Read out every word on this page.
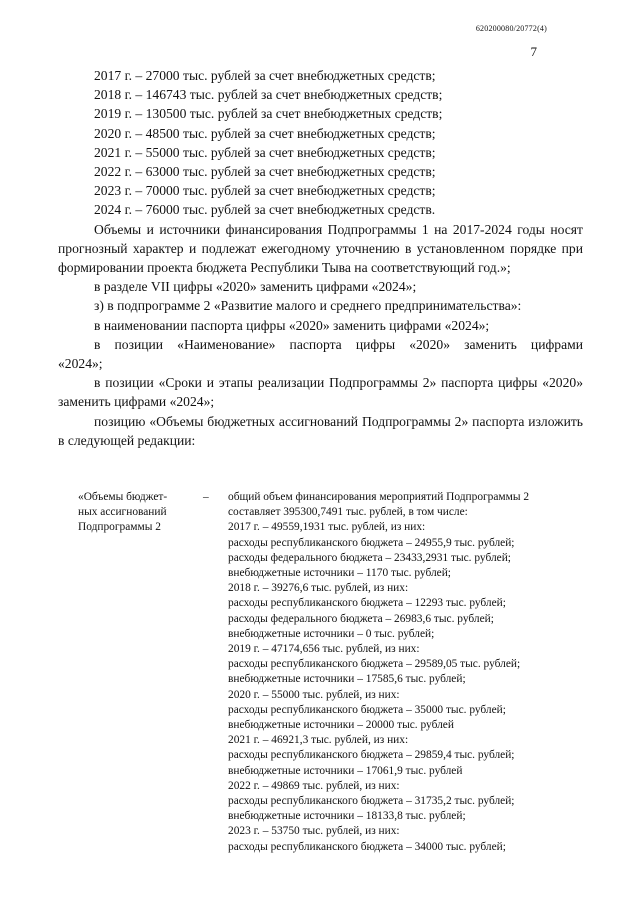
620200080/20772(4)
7

2017 г. – 27000 тыс. рублей за счет внебюджетных средств;

2018 г. – 146743 тыс. рублей за счет внебюджетных средств;

2019 г. – 130500 тыс. рублей за счет внебюджетных средств;

2020 г. – 48500 тыс. рублей за счет внебюджетных средств;

2021 г. – 55000 тыс. рублей за счет внебюджетных средств;

2022 г. – 63000 тыс. рублей за счет внебюджетных средств;

2023 г. – 70000 тыс. рублей за счет внебюджетных средств;

2024 г. – 76000 тыс. рублей за счет внебюджетных средств.

Объемы и источники финансирования Подпрограммы 1 на 2017-2024 годы носят прогнозный характер и подлежат ежегодному уточнению в установленном порядке при формировании проекта бюджета Республики Тыва на соответствующий год.»;

в разделе VII цифры «2020» заменить цифрами «2024»;

з) в подпрограмме 2 «Развитие малого и среднего предпринимательства»:

в наименовании паспорта цифры «2020» заменить цифрами «2024»;

в позиции «Наименование» паспорта цифры «2020» заменить цифрами

«2024»;

в позиции «Сроки и этапы реализации Подпрограммы 2» паспорта цифры «2020» заменить цифрами «2024»;

позицию «Объемы бюджетных ассигнований Подпрограммы 2» паспорта изложить в следующей редакции:

«Объемы бюджет-
ных ассигнований
Подпрограммы 2
– общий объем финансирования мероприятий Подпрограммы 2
составляет 395300,7491 тыс. рублей, в том числе:
2017 г. – 49559,1931 тыс. рублей, из них:
расходы республиканского бюджета – 24955,9 тыс. рублей;
расходы федерального бюджета – 23433,2931 тыс. рублей;
внебюджетные источники – 1170 тыс. рублей;
2018 г. – 39276,6 тыс. рублей, из них:
расходы республиканского бюджета – 12293 тыс. рублей;
расходы федерального бюджета – 26983,6 тыс. рублей;
внебюджетные источники – 0 тыс. рублей;
2019 г. – 47174,656 тыс. рублей, из них:
расходы республиканского бюджета – 29589,05 тыс. рублей;
внебюджетные источники – 17585,6 тыс. рублей;
2020 г. – 55000 тыс. рублей, из них:
расходы республиканского бюджета – 35000 тыс. рублей;
внебюджетные источники – 20000 тыс. рублей
2021 г. – 46921,3 тыс. рублей, из них:
расходы республиканского бюджета – 29859,4 тыс. рублей;
внебюджетные источники – 17061,9 тыс. рублей
2022 г. – 49869 тыс. рублей, из них:
расходы республиканского бюджета – 31735,2 тыс. рублей;
внебюджетные источники – 18133,8 тыс. рублей;
2023 г. – 53750 тыс. рублей, из них:
расходы республиканского бюджета – 34000 тыс. рублей;
